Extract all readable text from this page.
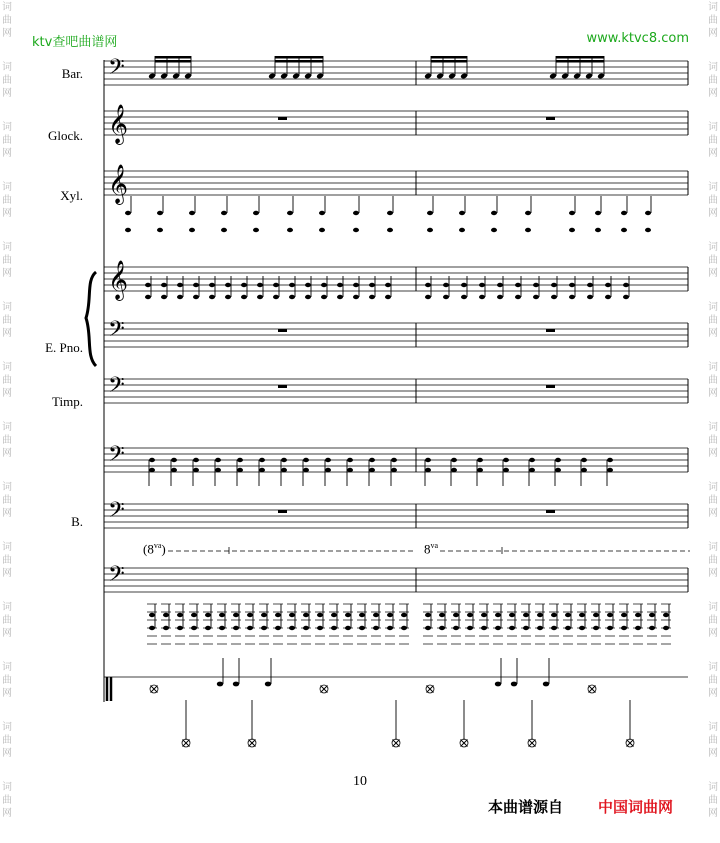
词
曲
网
词
曲
网
词
曲
网
词
曲
网
词
曲
网
词
曲
网
词
曲
网
词
曲
网
词
曲
网
词
曲
网
词
曲
网
词
曲
网
词
曲
网
词
曲
网
词
曲
网
词
曲
网
词
曲
网
词
曲
网
词
曲
网
词
曲
网
词
曲
网
词
曲
网
词
曲
网
词
曲
网
词
曲
网
词
曲
网
词
曲
网
词
曲
网
ktv查吧曲谱网	www.ktvc8.com
Bar.
Glock.
Xyl.
E. Pno.
Timp.
B.
$(8^{va})$	$8^{va}$
𝄢
𝄞
𝄞
𝄞
𝄢
𝄢
𝄢
𝄢
𝄢
10
本曲谱源自 中国词曲网
